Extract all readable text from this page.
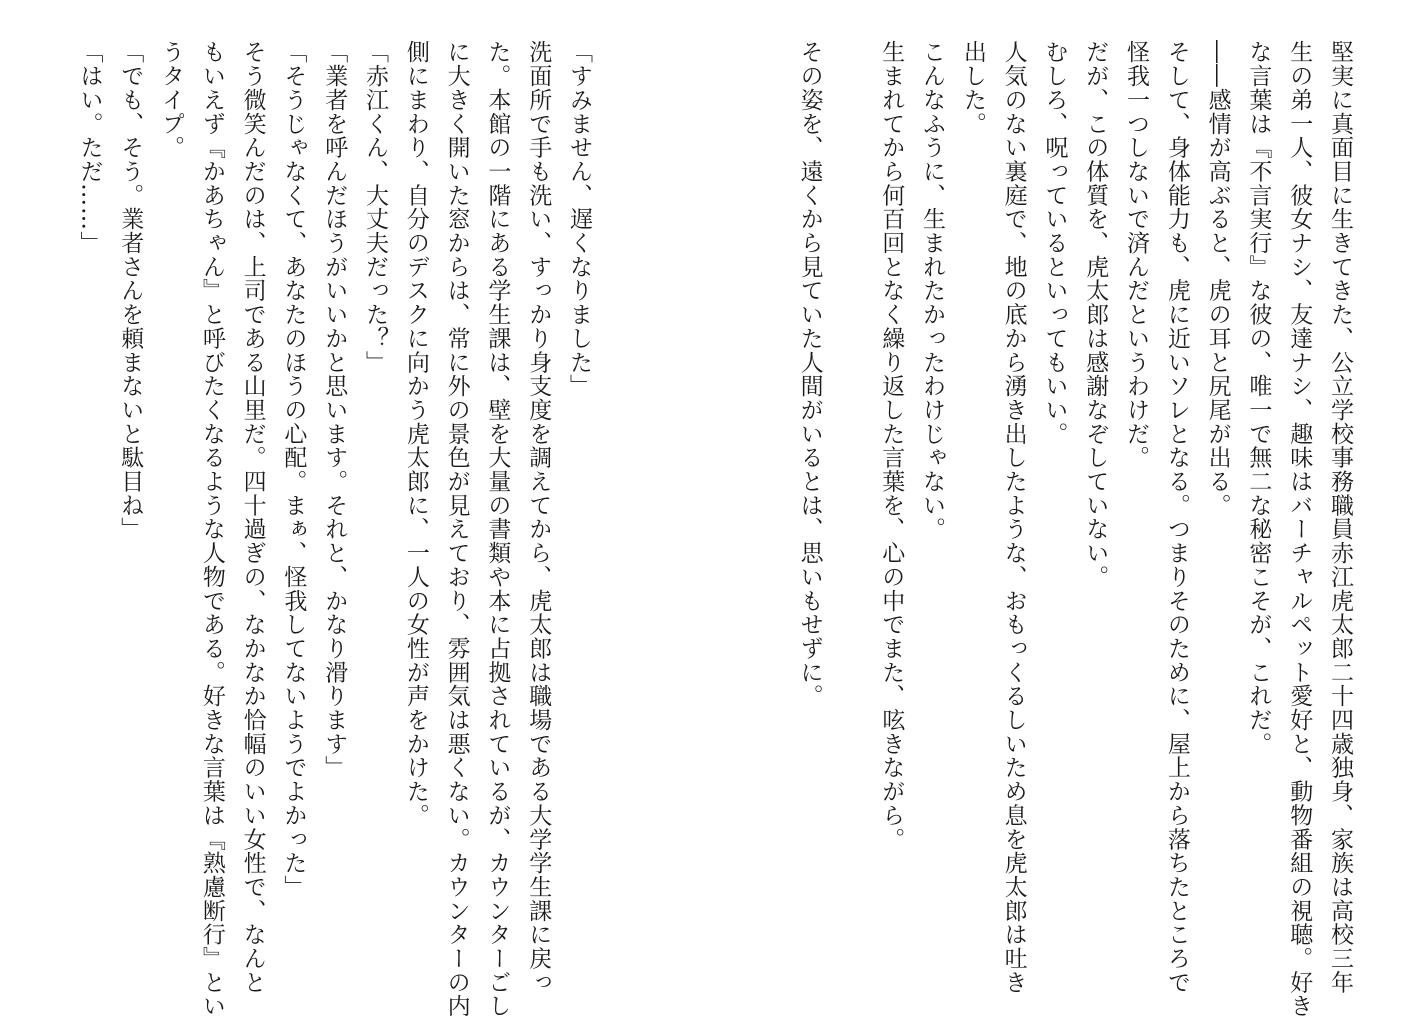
堅実に真面目に生きてきた、公立学校事務職員赤江虎太郎二十四歳独身、家族は高校三年

生の弟一人、彼女ナシ、友達ナシ、趣味はバーチャルペット愛好と、動物番組の視聴。好き

な言葉は『不言実行』な彼の、唯一で無二な秘密こそが、これだ。

――感情が高ぶると、虎の耳と尻尾が出る。

そして、身体能力も、虎に近いソレとなる。つまりそのために、屋上から落ちたところで

怪我一つしないで済んだというわけだ。

だが、この体質を、虎太郎は感謝なぞしていない。

むしろ、呪っているといってもいい。

人気のない裏庭で、地の底から湧き出したような、おもっくるしいため息を虎太郎は吐き

出した。

こんなふうに、生まれたかったわけじゃない。

生まれてから何百回となく繰り返した言葉を、心の中でまた、呟きながら。

その姿を、遠くから見ていた人間がいるとは、思いもせずに。

「すみません、遅くなりました」

洗面所で手も洗い、すっかり身支度を調えてから、虎太郎は職場である大学学生課に戻っ

た。本館の一階にある学生課は、壁を大量の書類や本に占拠されているが、カウンターごし

に大きく開いた窓からは、常に外の景色が見えており、雰囲気は悪くない。カウンターの内

側にまわり、自分のデスクに向かう虎太郎に、一人の女性が声をかけた。

「赤江くん、大丈夫だった？」

「業者を呼んだほうがいいかと思います。それと、かなり滑ります」

「そうじゃなくて、あなたのほうの心配。まぁ、怪我してないようでよかった」

そう微笑んだのは、上司である山里だ。四十過ぎの、なかなか恰幅のいい女性で、なんと

もいえず『かあちゃん』と呼びたくなるような人物である。好きな言葉は『熟慮断行』とい

うタイプ。

「でも、そう。業者さんを頼まないと駄目ね」

「はい。ただ……」
